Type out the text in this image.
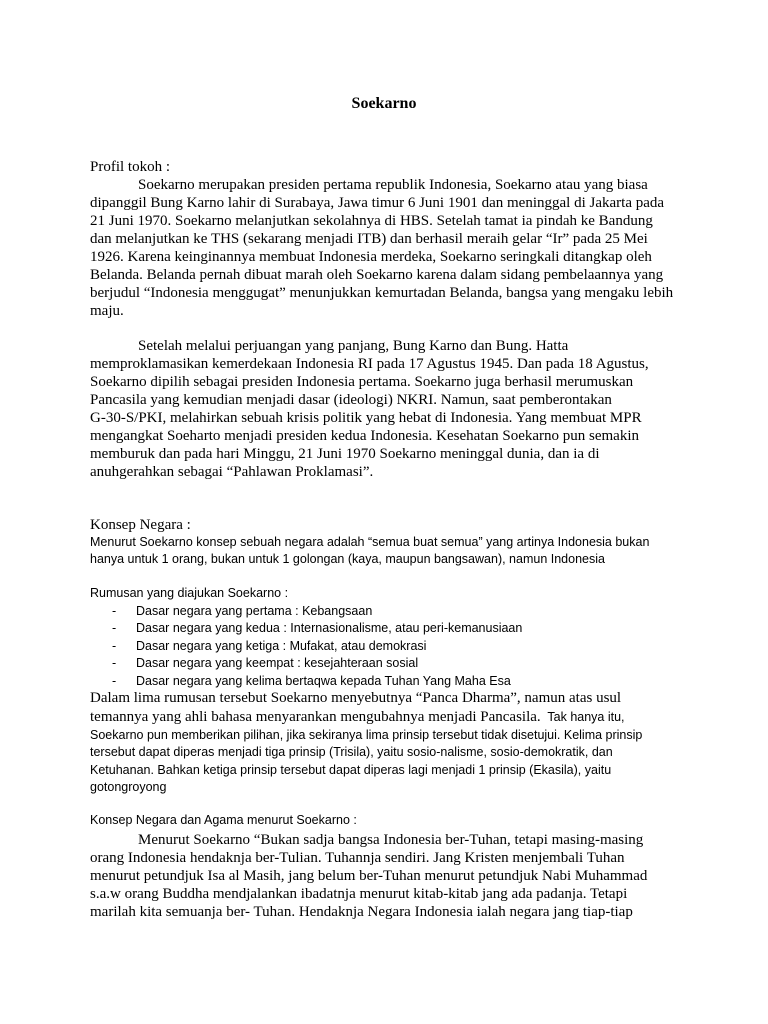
Soekarno
Profil tokoh :
Soekarno merupakan presiden pertama republik Indonesia, Soekarno atau yang biasa
dipanggil Bung Karno lahir di Surabaya, Jawa timur 6 Juni 1901 dan meninggal di Jakarta pada
21 Juni 1970. Soekarno melanjutkan sekolahnya di HBS. Setelah tamat ia pindah ke Bandung
dan melanjutkan ke THS (sekarang menjadi ITB) dan berhasil meraih gelar “Ir” pada 25 Mei
1926. Karena keinginannya membuat Indonesia merdeka, Soekarno seringkali ditangkap oleh
Belanda. Belanda pernah dibuat marah oleh Soekarno karena dalam sidang pembelaannya yang
berjudul “Indonesia menggugat” menunjukkan kemurtadan Belanda, bangsa yang mengaku lebih
maju.
Setelah melalui perjuangan yang panjang, Bung Karno dan Bung. Hatta
memproklamasikan kemerdekaan Indonesia RI pada 17 Agustus 1945. Dan pada 18 Agustus,
Soekarno dipilih sebagai presiden Indonesia pertama. Soekarno juga berhasil merumuskan
Pancasila yang kemudian menjadi dasar (ideologi) NKRI. Namun, saat pemberontakan
G-30-S/PKI, melahirkan sebuah krisis politik yang hebat di Indonesia. Yang membuat MPR
mengangkat Soeharto menjadi presiden kedua Indonesia. Kesehatan Soekarno pun semakin
memburuk dan pada hari Minggu, 21 Juni 1970 Soekarno meninggal dunia, dan ia di
anuhgerahkan sebagai “Pahlawan Proklamasi”.
Konsep Negara :
Menurut Soekarno konsep sebuah negara adalah “semua buat semua” yang artinya Indonesia bukan
hanya untuk 1 orang, bukan untuk 1 golongan (kaya, maupun bangsawan), namun Indonesia
Rumusan yang diajukan Soekarno :
- Dasar negara yang pertama : Kebangsaan
- Dasar negara yang kedua : Internasionalisme, atau peri-kemanusiaan
- Dasar negara yang ketiga : Mufakat, atau demokrasi
- Dasar negara yang keempat : kesejahteraan sosial
- Dasar negara yang kelima bertaqwa kepada Tuhan Yang Maha Esa
Dalam lima rumusan tersebut Soekarno menyebutnya “Panca Dharma”, namun atas usul
temannya yang ahli bahasa menyarankan mengubahnya menjadi Pancasila.  Tak hanya itu,
Soekarno pun memberikan pilihan, jika sekiranya lima prinsip tersebut tidak disetujui. Kelima prinsip
tersebut dapat diperas menjadi tiga prinsip (Trisila), yaitu sosio-nalisme, sosio-demokratik, dan
Ketuhanan. Bahkan ketiga prinsip tersebut dapat diperas lagi menjadi 1 prinsip (Ekasila), yaitu
gotongroyong
Konsep Negara dan Agama menurut Soekarno :
Menurut Soekarno “Bukan sadja bangsa Indonesia ber-Tuhan, tetapi masing-masing
orang Indonesia hendaknja ber-Tulian. Tuhannja sendiri. Jang Kristen menjembali Tuhan
menurut petundjuk Isa al Masih, jang belum ber-Tuhan menurut petundjuk Nabi Muhammad
s.a.w orang Buddha mendjalankan ibadatnja menurut kitab-kitab jang ada padanja. Tetapi
marilah kita semuanja ber- Tuhan. Hendaknja Negara Indonesia ialah negara jang tiap-tiap
